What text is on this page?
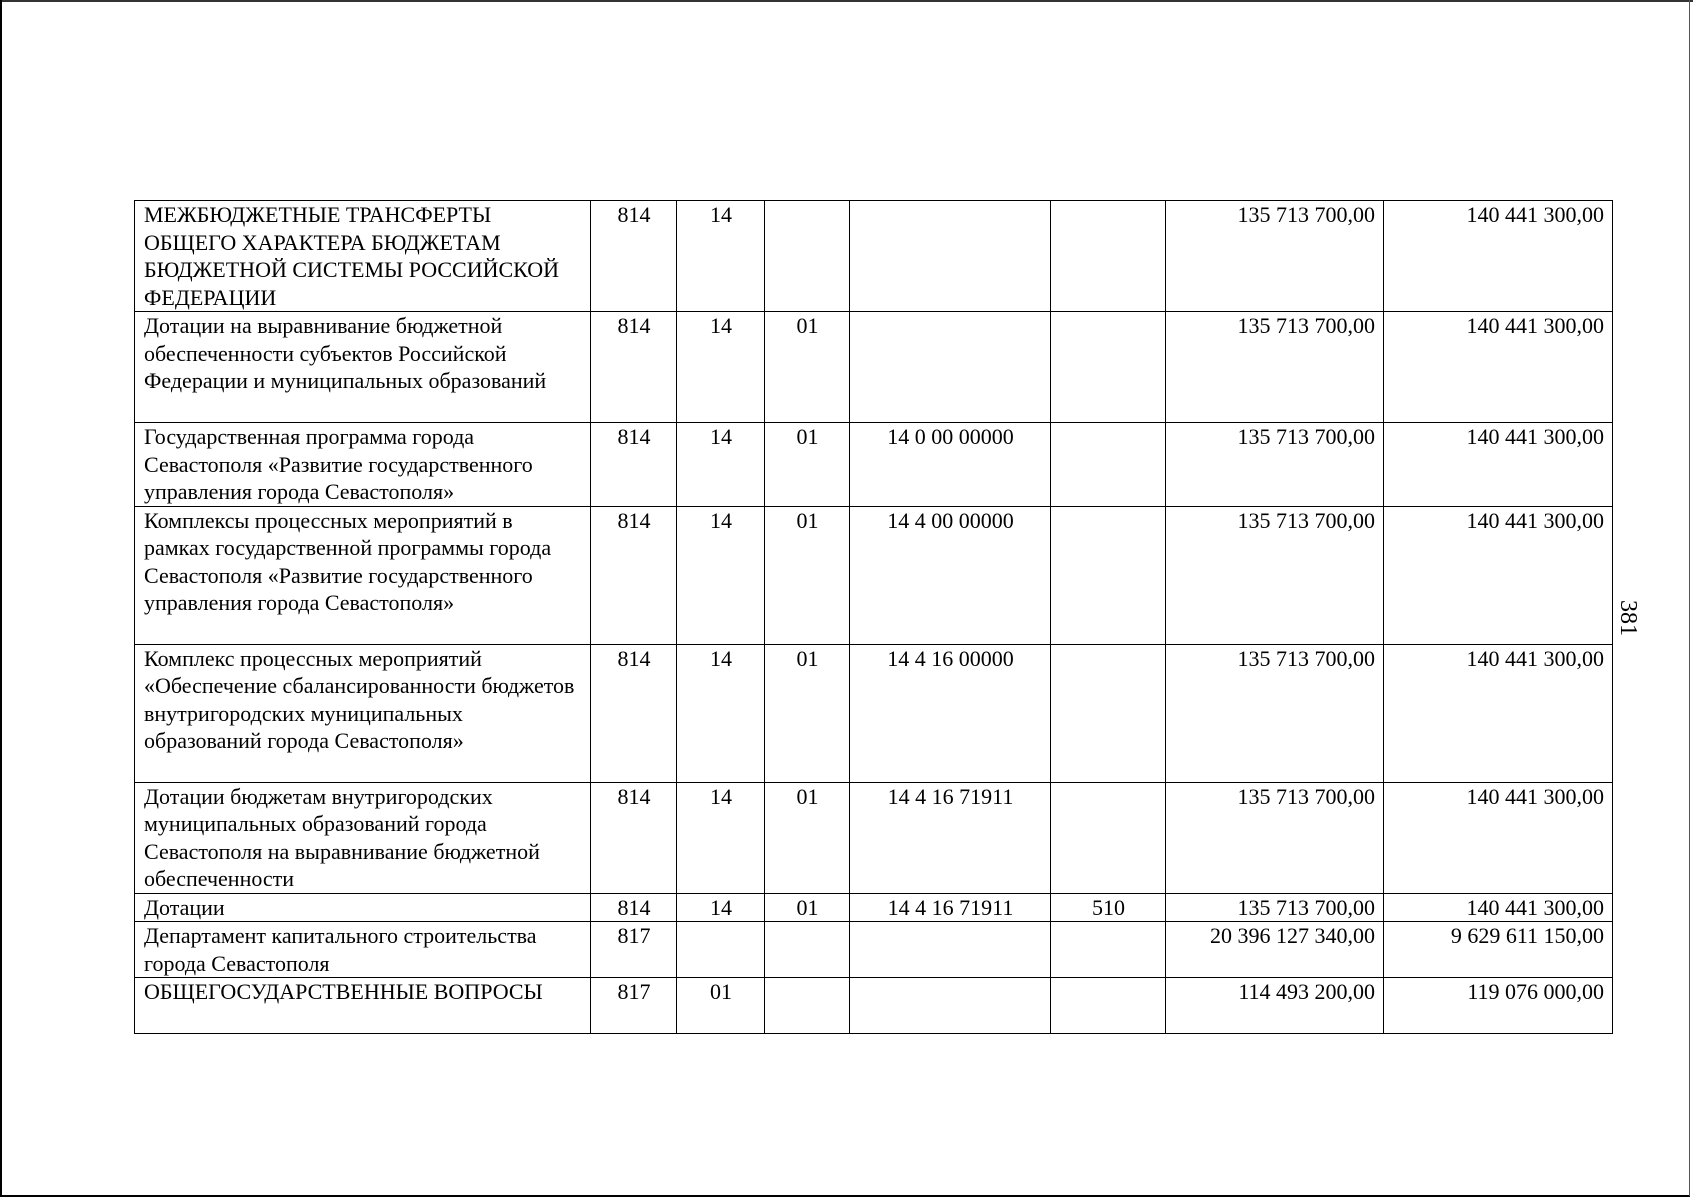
МЕЖБЮДЖЕТНЫЕ ТРАНСФЕРТЫ ОБЩЕГО ХАРАКТЕРА БЮДЖЕТАМ БЮДЖЕТНОЙ СИСТЕМЫ РОССИЙСКОЙ ФЕДЕРАЦИИ	814	14				135 713 700,00	140 441 300,00
Дотации на выравнивание бюджетной обеспеченности субъектов Российской Федерации и муниципальных образований	814	14	01			135 713 700,00	140 441 300,00
Государственная программа города Севастополя «Развитие государственного управления города Севастополя»	814	14	01	14 0 00 00000		135 713 700,00	140 441 300,00
Комплексы процессных мероприятий в рамках государственной программы города Севастополя «Развитие государственного управления города Севастополя»	814	14	01	14 4 00 00000		135 713 700,00	140 441 300,00
Комплекс процессных мероприятий «Обеспечение сбалансированности бюджетов внутригородских муниципальных образований города Севастополя»	814	14	01	14 4 16 00000		135 713 700,00	140 441 300,00
Дотации бюджетам внутригородских муниципальных образований города Севастополя на выравнивание бюджетной обеспеченности	814	14	01	14 4 16 71911		135 713 700,00	140 441 300,00
Дотации	814	14	01	14 4 16 71911	510	135 713 700,00	140 441 300,00
Департамент капитального строительства города Севастополя	817					20 396 127 340,00	9 629 611 150,00
ОБЩЕГОСУДАРСТВЕННЫЕ ВОПРОСЫ	817	01				114 493 200,00	119 076 000,00
381
